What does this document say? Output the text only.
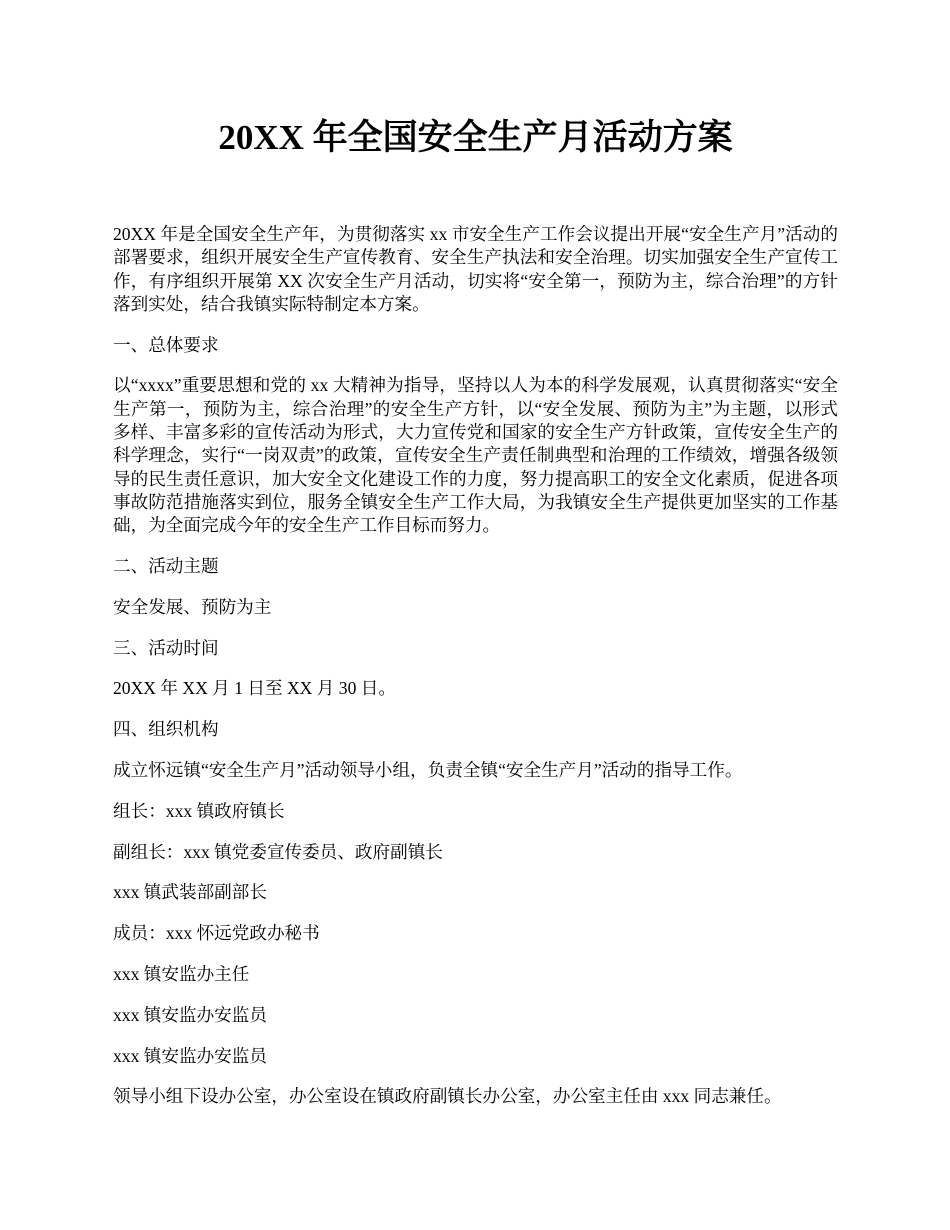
20XX 年全国安全生产月活动方案

20XX 年是全国安全生产年，为贯彻落实 xx 市安全生产工作会议提出开展“安全生产月”活动的部署要求，组织开展安全生产宣传教育、安全生产执法和安全治理。切实加强安全生产宣传工作，有序组织开展第 XX 次安全生产月活动，切实将“安全第一，预防为主，综合治理”的方针落到实处，结合我镇实际特制定本方案。

一、总体要求

以“xxxx”重要思想和党的 xx 大精神为指导，坚持以人为本的科学发展观，认真贯彻落实“安全生产第一，预防为主，综合治理”的安全生产方针，以“安全发展、预防为主”为主题，以形式多样、丰富多彩的宣传活动为形式，大力宣传党和国家的安全生产方针政策，宣传安全生产的科学理念，实行“一岗双责”的政策，宣传安全生产责任制典型和治理的工作绩效，增强各级领导的民生责任意识，加大安全文化建设工作的力度，努力提高职工的安全文化素质，促进各项事故防范措施落实到位，服务全镇安全生产工作大局，为我镇安全生产提供更加坚实的工作基础，为全面完成今年的安全生产工作目标而努力。

二、活动主题

安全发展、预防为主

三、活动时间

20XX 年 XX 月 1 日至 XX 月 30 日。

四、组织机构

成立怀远镇“安全生产月”活动领导小组，负责全镇“安全生产月”活动的指导工作。

组长：xxx 镇政府镇长

副组长：xxx 镇党委宣传委员、政府副镇长

xxx 镇武装部副部长

成员：xxx 怀远党政办秘书

xxx 镇安监办主任

xxx 镇安监办安监员

xxx 镇安监办安监员

领导小组下设办公室，办公室设在镇政府副镇长办公室，办公室主任由 xxx 同志兼任。
